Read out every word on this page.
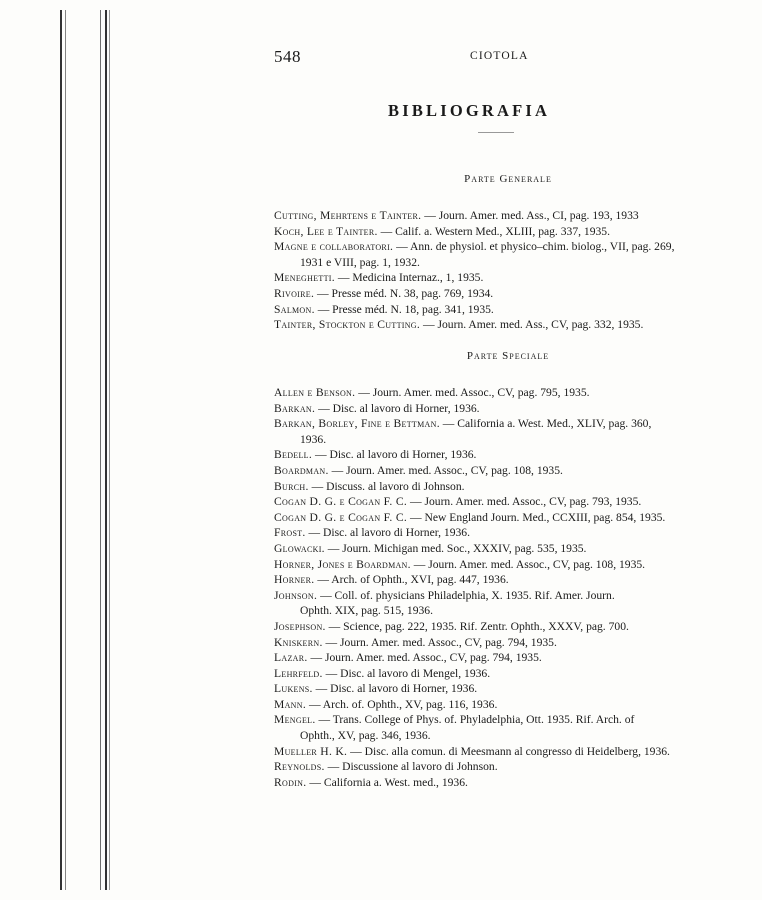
548	CIOTOLA
BIBLIOGRAFIA
Parte Generale
Cutting, Mehrtens e Tainter. — Journ. Amer. med. Ass., CI, pag. 193, 1933
Koch, Lee e Tainter. — Calif. a. Western Med., XLIII, pag. 337, 1935.
Magne e collaboratori. — Ann. de physiol. et physico–chim. biolog., VII, pag. 269,
1931 e VIII, pag. 1, 1932.
Meneghetti. — Medicina Internaz., 1, 1935.
Rivoire. — Presse méd. N. 38, pag. 769, 1934.
Salmon. — Presse méd. N. 18, pag. 341, 1935.
Tainter, Stockton e Cutting. — Journ. Amer. med. Ass., CV, pag. 332, 1935.
Parte Speciale
Allen e Benson. — Journ. Amer. med. Assoc., CV, pag. 795, 1935.
Barkan. — Disc. al lavoro di Horner, 1936.
Barkan, Borley, Fine e Bettman. — California a. West. Med., XLIV, pag. 360,
1936.
Bedell. — Disc. al lavoro di Horner, 1936.
Boardman. — Journ. Amer. med. Assoc., CV, pag. 108, 1935.
Burch. — Discuss. al lavoro di Johnson.
Cogan D. G. e Cogan F. C. — Journ. Amer. med. Assoc., CV, pag. 793, 1935.
Cogan D. G. e Cogan F. C. — New England Journ. Med., CCXIII, pag. 854, 1935.
Frost. — Disc. al lavoro di Horner, 1936.
Glowacki. — Journ. Michigan med. Soc., XXXIV, pag. 535, 1935.
Horner, Jones e Boardman. — Journ. Amer. med. Assoc., CV, pag. 108, 1935.
Horner. — Arch. of Ophth., XVI, pag. 447, 1936.
Johnson. — Coll. of. physicians Philadelphia, X. 1935. Rif. Amer. Journ.
Ophth. XIX, pag. 515, 1936.
Josephson. — Science, pag. 222, 1935. Rif. Zentr. Ophth., XXXV, pag. 700.
Kniskern. — Journ. Amer. med. Assoc., CV, pag. 794, 1935.
Lazar. — Journ. Amer. med. Assoc., CV, pag. 794, 1935.
Lehrfeld. — Disc. al lavoro di Mengel, 1936.
Lukens. — Disc. al lavoro di Horner, 1936.
Mann. — Arch. of. Ophth., XV, pag. 116, 1936.
Mengel. — Trans. College of Phys. of. Phyladelphia, Ott. 1935. Rif. Arch. of
Ophth., XV, pag. 346, 1936.
Mueller H. K. — Disc. alla comun. di Meesmann al congresso di Heidelberg, 1936.
Reynolds. — Discussione al lavoro di Johnson.
Rodin. — California a. West. med., 1936.
